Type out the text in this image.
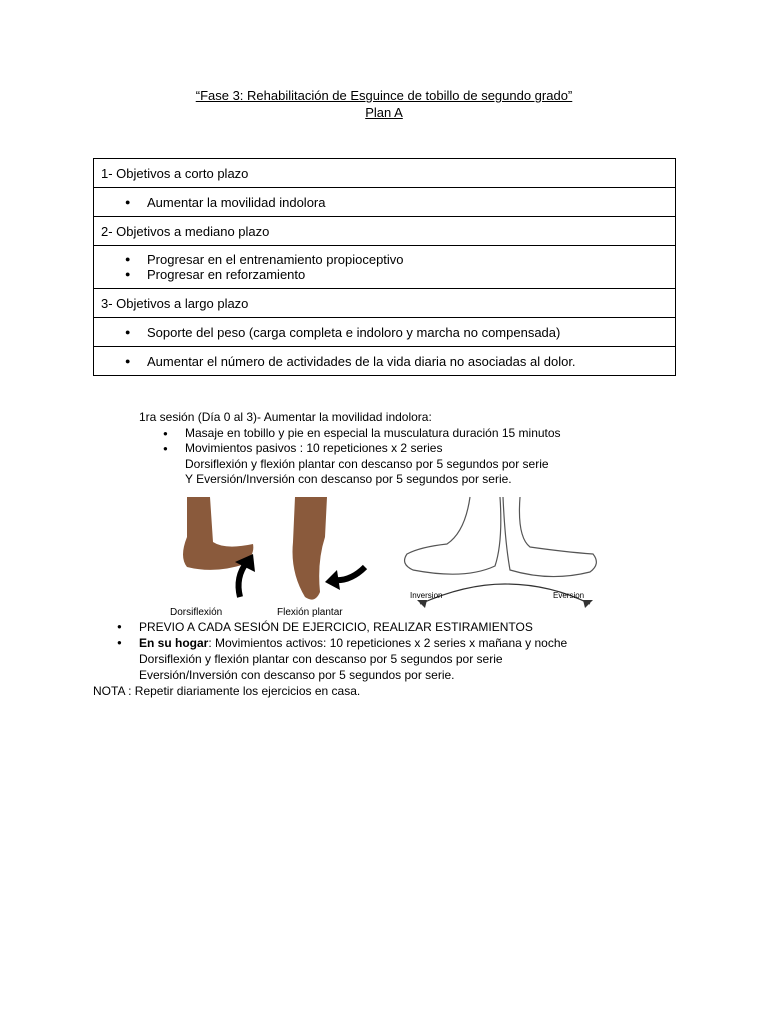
“Fase 3: Rehabilitación de Esguince de tobillo de segundo grado”
Plan A
1- Objetivos a corto plazo

● Aumentar la movilidad indolora

2- Objetivos a mediano plazo

● Progresar en el entrenamiento propioceptivo
● Progresar en reforzamiento

3- Objetivos a largo plazo

● Soporte del peso (carga completa e indoloro y marcha no compensada)

● Aumentar el número de actividades de la vida diaria no asociadas al dolor.
1ra sesión (Día 0 al 3)- Aumentar la movilidad indolora:
● Masaje en tobillo y pie en especial la musculatura duración 15 minutos
● Movimientos pasivos : 10 repeticiones x 2 series
Dorsiflexión y flexión plantar con descanso por 5 segundos por serie
Y Eversión/Inversión con descanso por 5 segundos por serie.
Dorsiflexión	Flexión plantar
Inversion	Eversion
● PREVIO A CADA SESIÓN DE EJERCICIO, REALIZAR ESTIRAMIENTOS
● En su hogar: Movimientos activos: 10 repeticiones x 2 series x mañana y noche
Dorsiflexión y flexión plantar con descanso por 5 segundos por serie
Eversión/Inversión con descanso por 5 segundos por serie.
NOTA : Repetir diariamente los ejercicios en casa.
